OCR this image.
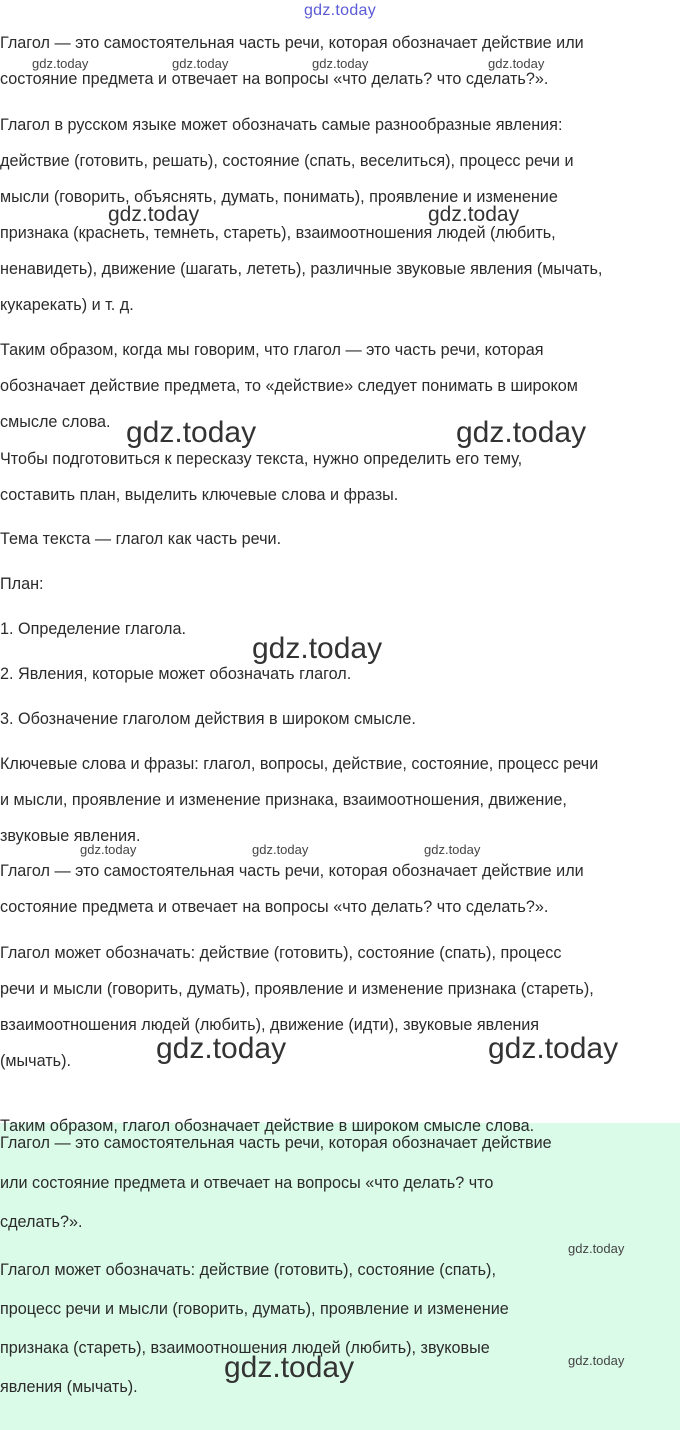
gdz.today
Глагол — это самостоятельная часть речи, которая обозначает действие или
состояние предмета и отвечает на вопросы «что делать? что сделать?».
Глагол в русском языке может обозначать самые разнообразные явления:
действие (готовить, решать), состояние (спать, веселиться), процесс речи и
мысли (говорить, объяснять, думать, понимать), проявление и изменение
признака (краснеть, темнеть, стареть), взаимоотношения людей (любить,
ненавидеть), движение (шагать, лететь), различные звуковые явления (мычать,
кукарекать) и т. д.
Таким образом, когда мы говорим, что глагол — это часть речи, которая
обозначает действие предмета, то «действие» следует понимать в широком
смысле слова.
Чтобы подготовиться к пересказу текста, нужно определить его тему,
составить план, выделить ключевые слова и фразы.
Тема текста — глагол как часть речи.
План:
1. Определение глагола.
2. Явления, которые может обозначать глагол.
3. Обозначение глаголом действия в широком смысле.
Ключевые слова и фразы: глагол, вопросы, действие, состояние, процесс речи
и мысли, проявление и изменение признака, взаимоотношения, движение,
звуковые явления.
Глагол — это самостоятельная часть речи, которая обозначает действие или
состояние предмета и отвечает на вопросы «что делать? что сделать?».
Глагол может обозначать: действие (готовить), состояние (спать), процесс
речи и мысли (говорить, думать), проявление и изменение признака (стареть),
взаимоотношения людей (любить), движение (идти), звуковые явления
(мычать).
Таким образом, глагол обозначает действие в широком смысле слова.
Глагол — это самостоятельная часть речи, которая обозначает действие
или состояние предмета и отвечает на вопросы «что делать? что
сделать?».
Глагол может обозначать: действие (готовить), состояние (спать),
процесс речи и мысли (говорить, думать), проявление и изменение
признака (стареть), взаимоотношения людей (любить), звуковые
явления (мычать).
gdz.today	gdz.today	gdz.today	gdz.today
gdz.today	gdz.today
gdz.today	gdz.today
gdz.today
gdz.today	gdz.today	gdz.today
gdz.today	gdz.today
gdz.today
gdz.today	gdz.today
